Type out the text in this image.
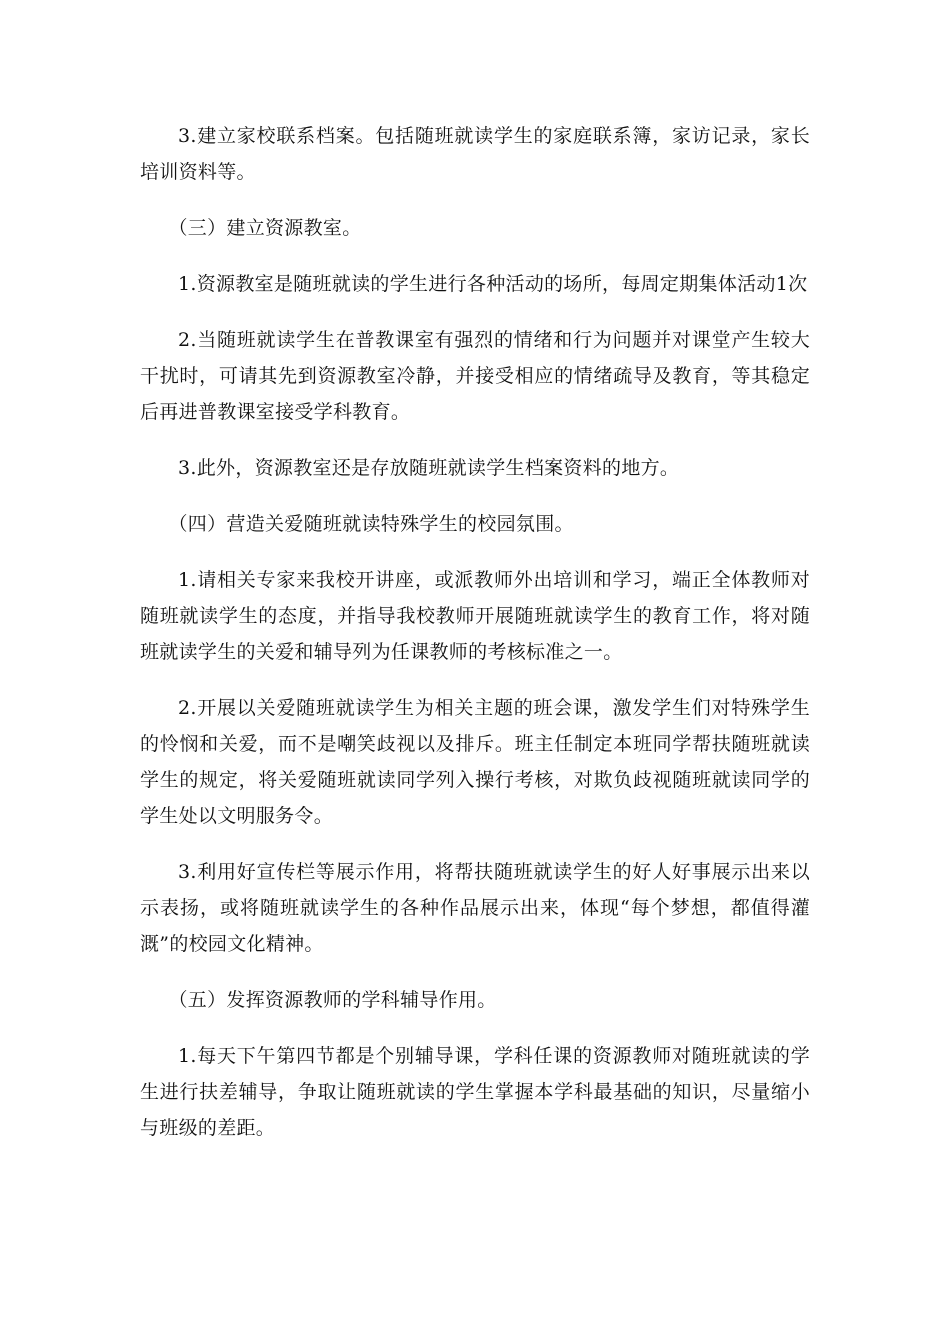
3.建立家校联系档案。包括随班就读学生的家庭联系簿，家访记录，家长培训资料等。

（三）建立资源教室。

1.资源教室是随班就读的学生进行各种活动的场所，每周定期集体活动1次

2.当随班就读学生在普教课室有强烈的情绪和行为问题并对课堂产生较大干扰时，可请其先到资源教室冷静，并接受相应的情绪疏导及教育，等其稳定后再进普教课室接受学科教育。

3.此外，资源教室还是存放随班就读学生档案资料的地方。

（四）营造关爱随班就读特殊学生的校园氛围。

1.请相关专家来我校开讲座，或派教师外出培训和学习，端正全体教师对随班就读学生的态度，并指导我校教师开展随班就读学生的教育工作，将对随班就读学生的关爱和辅导列为任课教师的考核标准之一。

2.开展以关爱随班就读学生为相关主题的班会课，激发学生们对特殊学生的怜悯和关爱，而不是嘲笑歧视以及排斥。班主任制定本班同学帮扶随班就读学生的规定，将关爱随班就读同学列入操行考核，对欺负歧视随班就读同学的学生处以文明服务令。

3.利用好宣传栏等展示作用，将帮扶随班就读学生的好人好事展示出来以示表扬，或将随班就读学生的各种作品展示出来，体现“每个梦想，都值得灌溉”的校园文化精神。

（五）发挥资源教师的学科辅导作用。

1.每天下午第四节都是个别辅导课，学科任课的资源教师对随班就读的学生进行扶差辅导，争取让随班就读的学生掌握本学科最基础的知识，尽量缩小与班级的差距。
